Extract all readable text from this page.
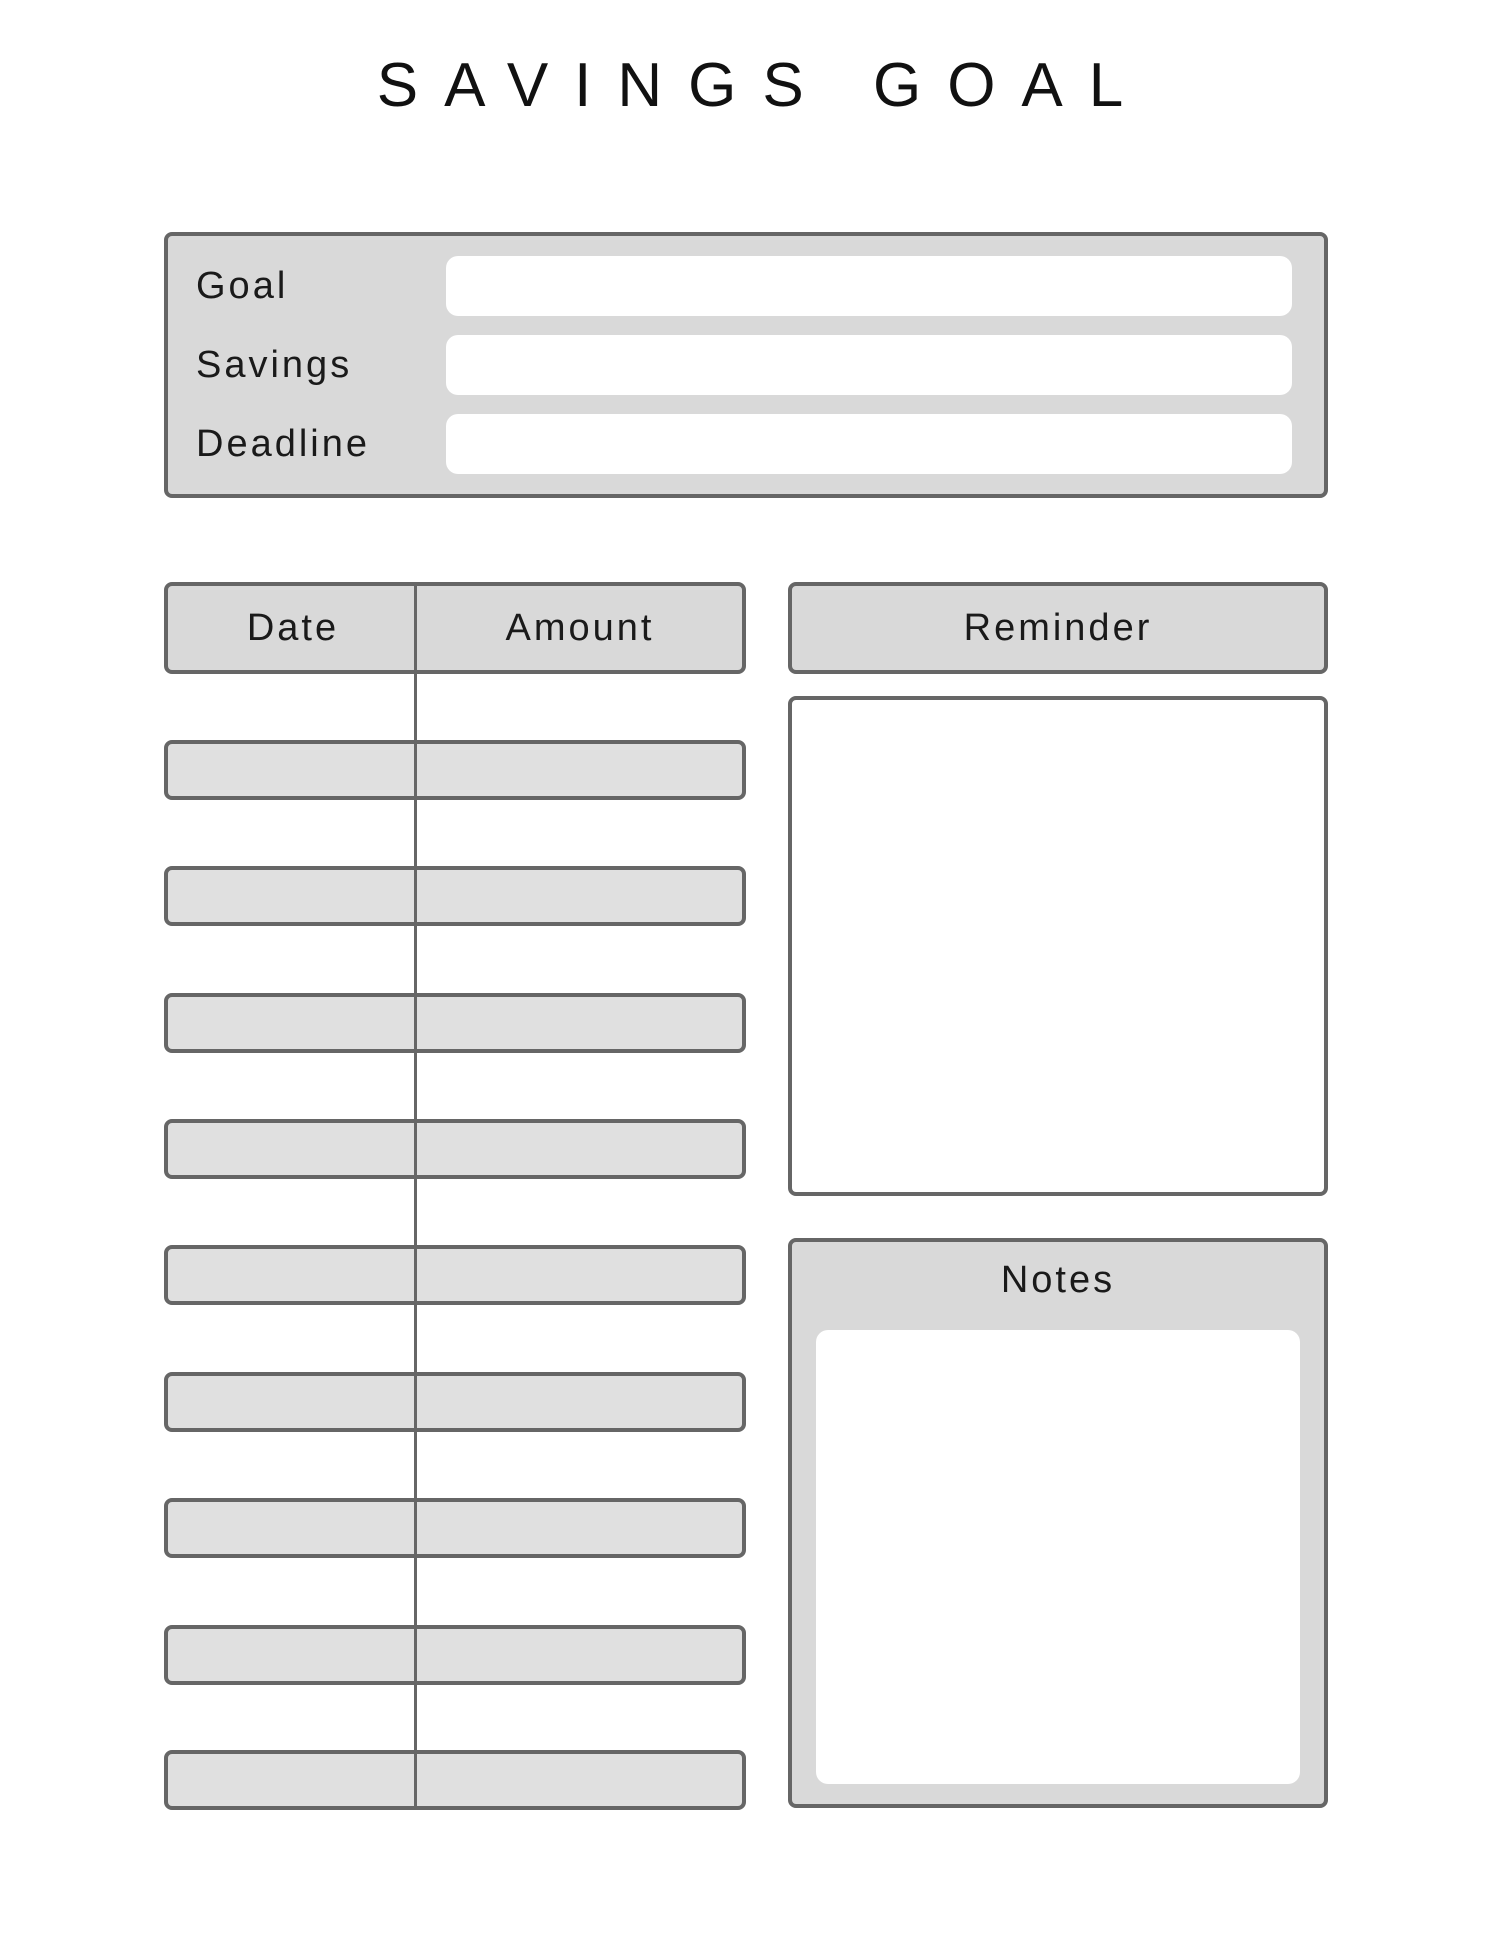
SAVINGS GOAL
Goal
Savings
Deadline
Date	Amount	Reminder
Notes
